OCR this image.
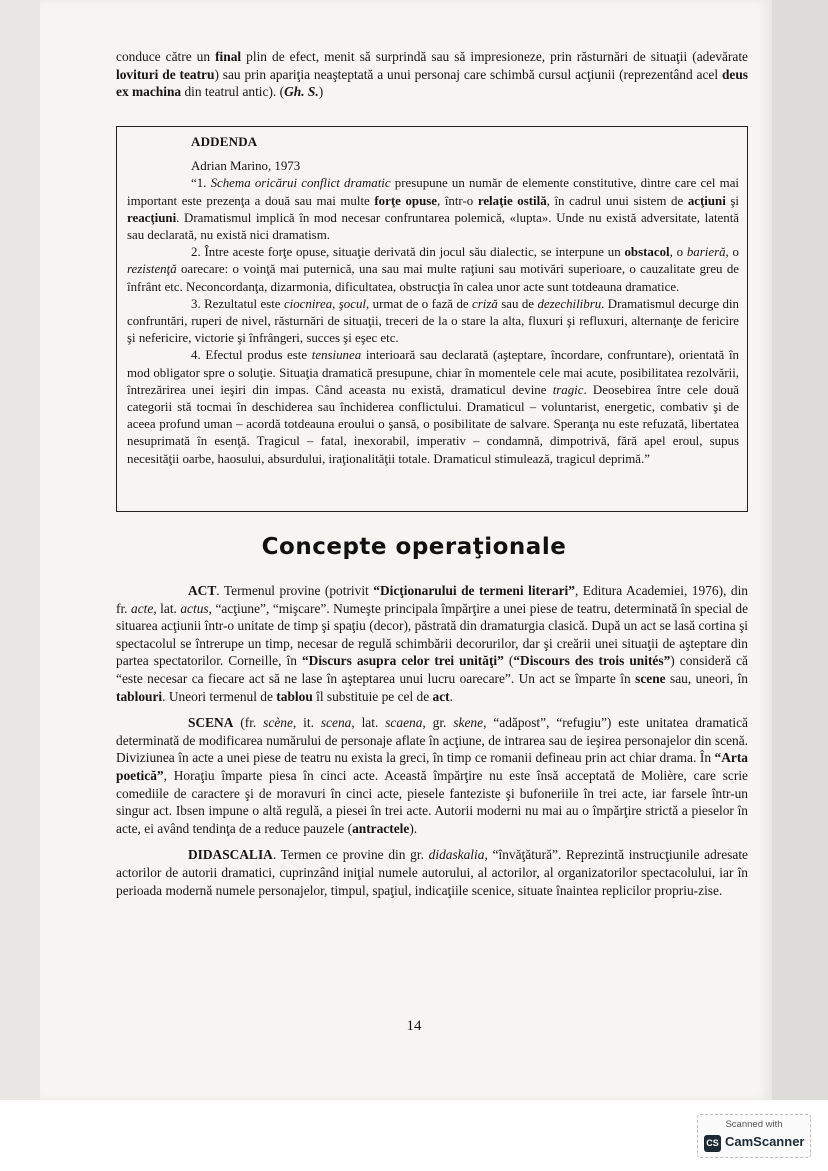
conduce către un final plin de efect, menit să surprindă sau să impresioneze, prin răsturnări de situaţii (adevărate lovituri de teatru) sau prin apariţia neaşteptată a unui personaj care schimbă cursul acţiunii (reprezentând acel deus ex machina din teatrul antic). (Gh. S.)

ADDENDA

Adrian Marino, 1973

“1. Schema oricărui conflict dramatic presupune un număr de elemente constitutive, dintre care cel mai important este prezenţa a două sau mai multe forţe opuse, într-o relaţie ostilă, în cadrul unui sistem de acţiuni şi reacţiuni. Dramatismul implică în mod necesar confruntarea polemică, «lupta». Unde nu există adversitate, latentă sau declarată, nu există nici dramatism.

2. Între aceste forţe opuse, situaţie derivată din jocul său dialectic, se interpune un obstacol, o barieră, o rezistenţă oarecare: o voinţă mai puternică, una sau mai multe raţiuni sau motivări superioare, o cauzalitate greu de înfrânt etc. Neconcordanţa, dizarmonia, dificultatea, obstrucţia în calea unor acte sunt totdeauna dramatice.

3. Rezultatul este ciocnirea, şocul, urmat de o fază de criză sau de dezechilibru. Dramatismul decurge din confruntări, ruperi de nivel, răsturnări de situaţii, treceri de la o stare la alta, fluxuri şi refluxuri, alternanţe de fericire şi nefericire, victorie şi înfrângeri, succes şi eşec etc.

4. Efectul produs este tensiunea interioară sau declarată (aşteptare, încordare, confruntare), orientată în mod obligator spre o soluţie. Situaţia dramatică presupune, chiar în momentele cele mai acute, posibilitatea rezolvării, întrezărirea unei ieşiri din impas. Când aceasta nu există, dramaticul devine tragic. Deosebirea între cele două categorii stă tocmai în deschiderea sau închiderea conflictului. Dramaticul – voluntarist, energetic, combativ şi de aceea profund uman – acordă totdeauna eroului o şansă, o posibilitate de salvare. Speranţa nu este refuzată, libertatea nesuprimată în esenţă. Tragicul – fatal, inexorabil, imperativ – condamnă, dimpotrivă, fără apel eroul, supus necesităţii oarbe, haosului, absurdului, iraţionalităţii totale. Dramaticul stimulează, tragicul deprimă.”

Concepte operaţionale

ACT. Termenul provine (potrivit “Dicţionarului de termeni literari”, Editura Academiei, 1976), din fr. acte, lat. actus, “acţiune”, “mişcare”. Numeşte principala împărţire a unei piese de teatru, determinată în special de situarea acţiunii într-o unitate de timp şi spaţiu (decor), păstrată din dramaturgia clasică. După un act se lasă cortina şi spectacolul se întrerupe un timp, necesar de regulă schimbării decorurilor, dar şi creării unei situaţii de aşteptare din partea spectatorilor. Corneille, în “Discurs asupra celor trei unităţi” (“Discours des trois unités”) consideră că “este necesar ca fiecare act să ne lase în aşteptarea unui lucru oarecare”. Un act se împarte în scene sau, uneori, în tablouri. Uneori termenul de tablou îl substituie pe cel de act.

SCENA (fr. scène, it. scena, lat. scaena, gr. skene, “adăpost”, “refugiu”) este unitatea dramatică determinată de modificarea numărului de personaje aflate în acţiune, de intrarea sau de ieşirea personajelor din scenă. Diviziunea în acte a unei piese de teatru nu exista la greci, în timp ce romanii defineau prin act chiar drama. În “Arta poetică”, Horaţiu împarte piesa în cinci acte. Această împărţire nu este însă acceptată de Molière, care scrie comediile de caractere şi de moravuri în cinci acte, piesele fanteziste şi bufoneriile în trei acte, iar farsele într-un singur act. Ibsen impune o altă regulă, a piesei în trei acte. Autorii moderni nu mai au o împărţire strictă a pieselor în acte, ei având tendinţa de a reduce pauzele (antractele).

DIDASCALIA. Termen ce provine din gr. didaskalia, “învăţătură”. Reprezintă instrucţiunile adresate actorilor de autorii dramatici, cuprinzând iniţial numele autorului, al actorilor, al organizatorilor spectacolului, iar în perioada modernă numele personajelor, timpul, spaţiul, indicaţiile scenice, situate înaintea replicilor propriu-zise.

14
Scanned with
CS CamScanner
